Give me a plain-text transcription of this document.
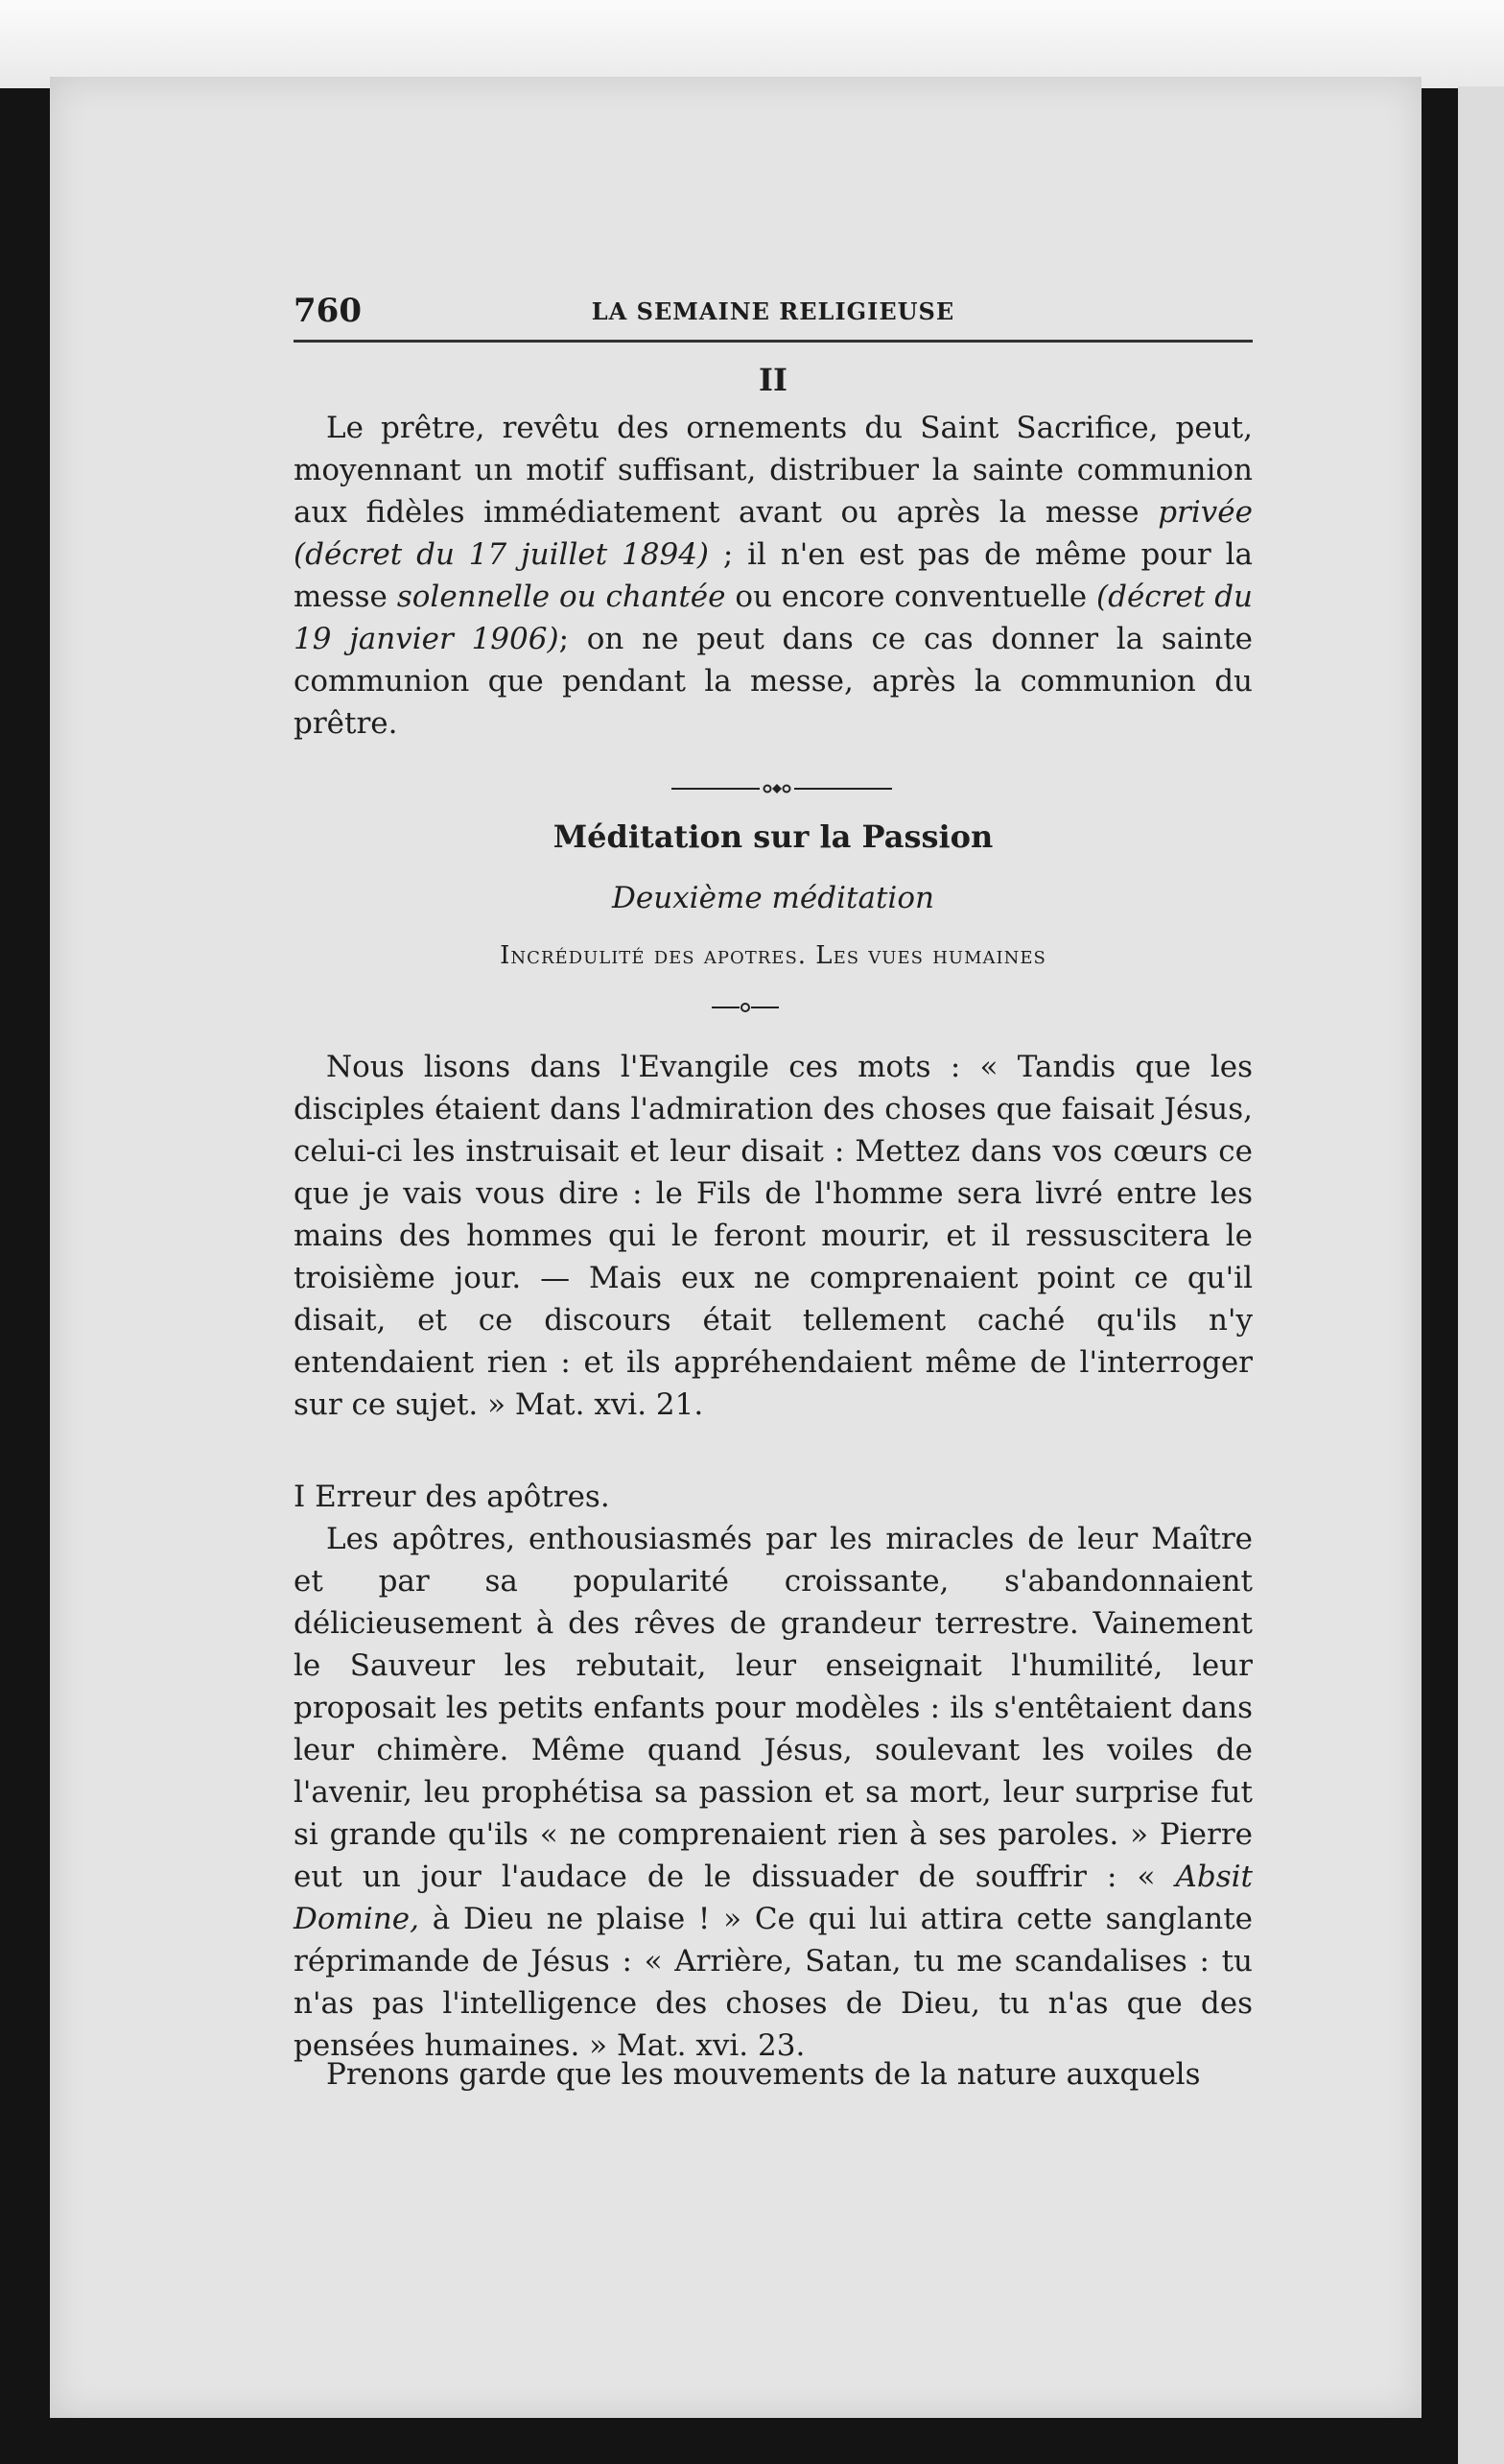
760	LA SEMAINE RELIGIEUSE
II
Le prêtre, revêtu des ornements du Saint Sacrifice, peut, moyennant un motif suffisant, distribuer la sainte communion aux fidèles immédiatement avant ou après la messe privée (décret du 17 juillet 1894) ; il n'en est pas de même pour la messe solennelle ou chantée ou encore conventuelle (décret du 19 janvier 1906); on ne peut dans ce cas donner la sainte communion que pendant la messe, après la communion du prêtre.
Méditation sur la Passion
Deuxième méditation
Incrédulité des apotres. Les vues humaines
Nous lisons dans l'Evangile ces mots : « Tandis que les disciples étaient dans l'admiration des choses que faisait Jésus, celui-ci les instruisait et leur disait : Mettez dans vos cœurs ce que je vais vous dire : le Fils de l'homme sera livré entre les mains des hommes qui le feront mourir, et il ressuscitera le troisième jour. — Mais eux ne comprenaient point ce qu'il disait, et ce discours était tellement caché qu'ils n'y entendaient rien : et ils appréhendaient même de l'interroger sur ce sujet. » Mat. xvi. 21.
I Erreur des apôtres.
Les apôtres, enthousiasmés par les miracles de leur Maître et par sa popularité croissante, s'abandonnaient délicieusement à des rêves de grandeur terrestre. Vainement le Sauveur les rebutait, leur enseignait l'humilité, leur proposait les petits enfants pour modèles : ils s'entêtaient dans leur chimère. Même quand Jésus, soulevant les voiles de l'avenir, leu prophétisa sa passion et sa mort, leur surprise fut si grande qu'ils « ne comprenaient rien à ses paroles. » Pierre eut un jour l'audace de le dissuader de souffrir : « Absit Domine, à Dieu ne plaise ! » Ce qui lui attira cette sanglante réprimande de Jésus : « Arrière, Satan, tu me scandalises : tu n'as pas l'intelligence des choses de Dieu, tu n'as que des pensées humaines. » Mat. xvi. 23.
Prenons garde que les mouvements de la nature auxquels
